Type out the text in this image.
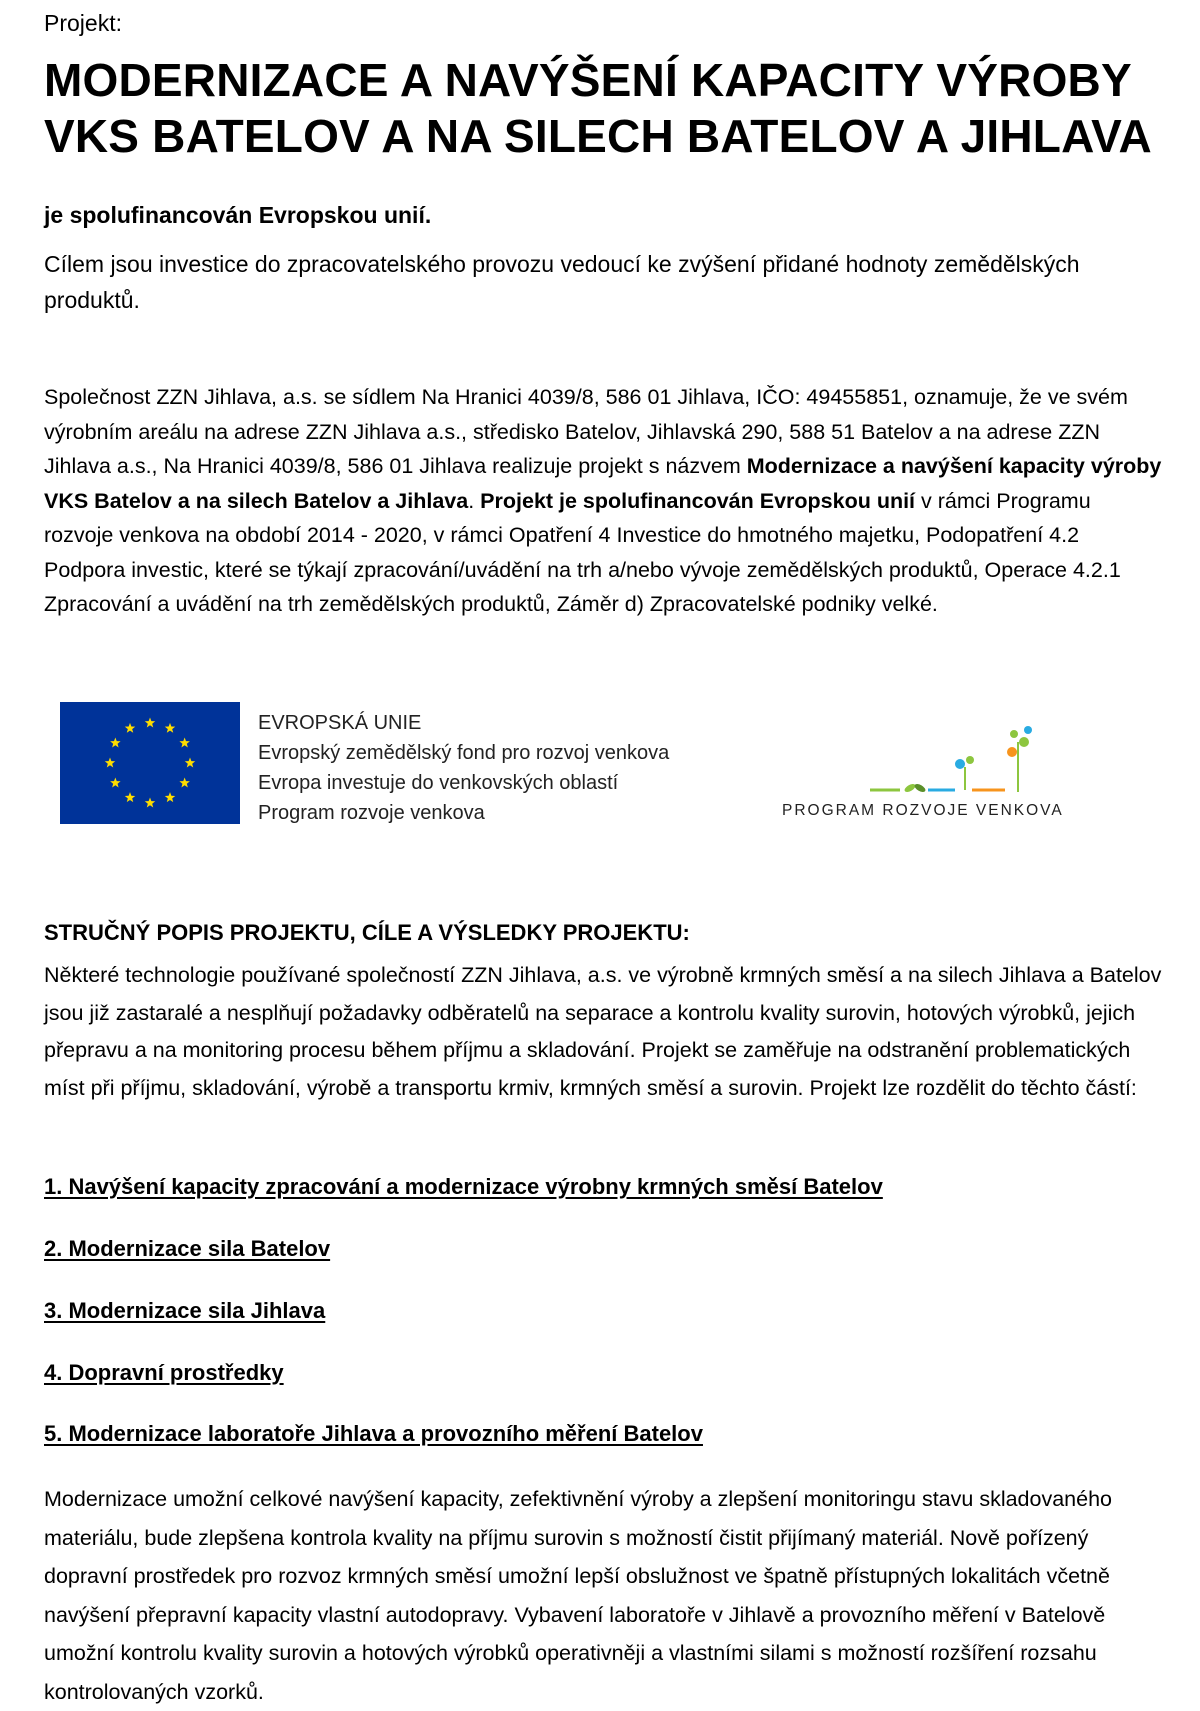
Projekt:
MODERNIZACE A NAVÝŠENÍ KAPACITY VÝROBY
VKS BATELOV A NA SILECH BATELOV A JIHLAVA
je spolufinancován Evropskou unií.
Cílem jsou investice do zpracovatelského provozu vedoucí ke zvýšení přidané hodnoty zemědělských produktů.
Společnost ZZN Jihlava, a.s. se sídlem Na Hranici 4039/8, 586 01 Jihlava, IČO: 49455851, oznamuje, že ve svém výrobním areálu na adrese ZZN Jihlava a.s., středisko Batelov, Jihlavská 290, 588 51 Batelov a na adrese ZZN Jihlava a.s., Na Hranici 4039/8, 586 01 Jihlava realizuje projekt s názvem Modernizace a navýšení kapacity výroby VKS Batelov a na silech Batelov a Jihlava. Projekt je spolufinancován Evropskou unií v rámci Programu rozvoje venkova na období 2014 - 2020, v rámci Opatření 4 Investice do hmotného majetku, Podopatření 4.2 Podpora investic, které se týkají zpracování/uvádění na trh a/nebo vývoje zemědělských produktů, Operace 4.2.1 Zpracování a uvádění na trh zemědělských produktů, Záměr d) Zpracovatelské podniky velké.
EVROPSKÁ UNIE
Evropský zemědělský fond pro rozvoj venkova
Evropa investuje do venkovských oblastí
Program rozvoje venkova	PROGRAM ROZVOJE VENKOVA
STRUČNÝ POPIS PROJEKTU, CÍLE A VÝSLEDKY PROJEKTU:
Některé technologie používané společností ZZN Jihlava, a.s. ve výrobně krmných směsí a na silech Jihlava a Batelov jsou již zastaralé a nesplňují požadavky odběratelů na separace a kontrolu kvality surovin, hotových výrobků, jejich přepravu a na monitoring procesu během příjmu a skladování. Projekt se zaměřuje na odstranění problematických míst při příjmu, skladování, výrobě a transportu krmiv, krmných směsí a surovin. Projekt lze rozdělit do těchto částí:
1. Navýšení kapacity zpracování a modernizace výrobny krmných směsí Batelov
2. Modernizace sila Batelov
3. Modernizace sila Jihlava
4. Dopravní prostředky
5. Modernizace laboratoře Jihlava a provozního měření Batelov
Modernizace umožní celkové navýšení kapacity, zefektivnění výroby a zlepšení monitoringu stavu skladovaného materiálu, bude zlepšena kontrola kvality na příjmu surovin s možností čistit přijímaný materiál. Nově pořízený dopravní prostředek pro rozvoz krmných směsí umožní lepší obslužnost ve špatně přístupných lokalitách včetně navýšení přepravní kapacity vlastní autodopravy. Vybavení laboratoře v Jihlavě a provozního měření v Batelově umožní kontrolu kvality surovin a hotových výrobků operativněji a vlastními silami s možností rozšíření rozsahu kontrolovaných vzorků.
